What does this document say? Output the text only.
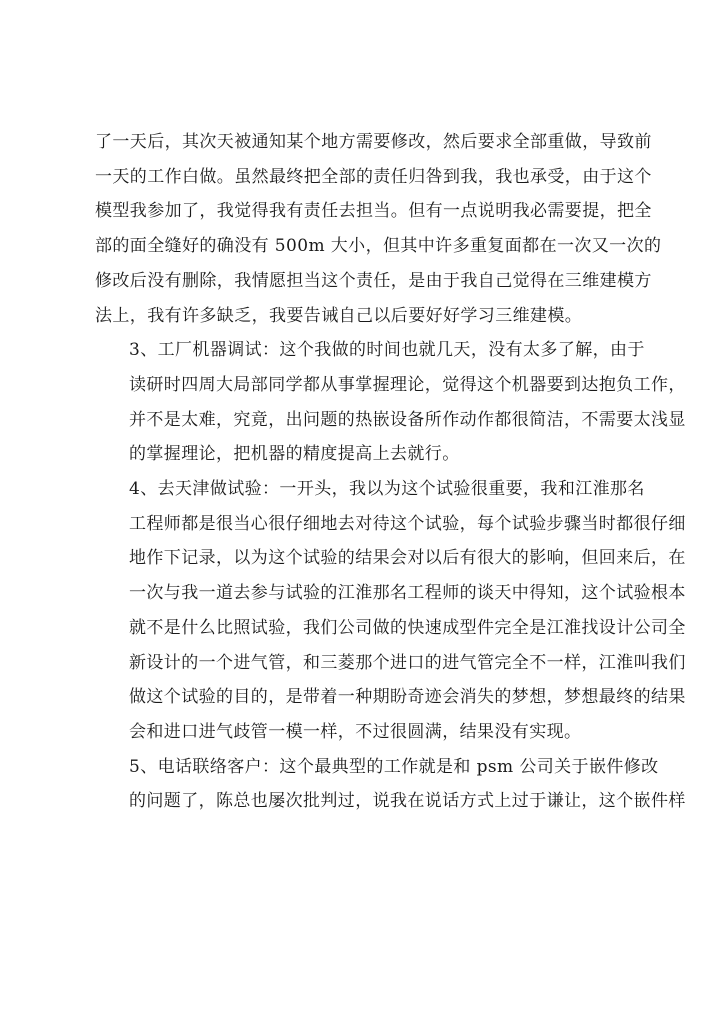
了一天后，其次天被通知某个地方需要修改，然后要求全部重做，导致前
一天的工作白做。虽然最终把全部的责任归咎到我，我也承受，由于这个
模型我参加了，我觉得我有责任去担当。但有一点说明我必需要提，把全
部的面全缝好的确没有 500m 大小，但其中许多重复面都在一次又一次的
修改后没有删除，我情愿担当这个责任，是由于我自己觉得在三维建模方
法上，我有许多缺乏，我要告诫自己以后要好好学习三维建模。

3、工厂机器调试：这个我做的时间也就几天，没有太多了解，由于
读研时四周大局部同学都从事掌握理论，觉得这个机器要到达抱负工作，
并不是太难，究竟，出问题的热嵌设备所作动作都很简洁，不需要太浅显
的掌握理论，把机器的精度提高上去就行。

4、去天津做试验：一开头，我以为这个试验很重要，我和江淮那名
工程师都是很当心很仔细地去对待这个试验，每个试验步骤当时都很仔细
地作下记录，以为这个试验的结果会对以后有很大的影响，但回来后，在
一次与我一道去参与试验的江淮那名工程师的谈天中得知，这个试验根本
就不是什么比照试验，我们公司做的快速成型件完全是江淮找设计公司全
新设计的一个进气管，和三菱那个进口的进气管完全不一样，江淮叫我们
做这个试验的目的，是带着一种期盼奇迹会消失的梦想，梦想最终的结果
会和进口进气歧管一模一样，不过很圆满，结果没有实现。

5、电话联络客户：这个最典型的工作就是和 psm 公司关于嵌件修改
的问题了，陈总也屡次批判过，说我在说话方式上过于谦让，这个嵌件样
